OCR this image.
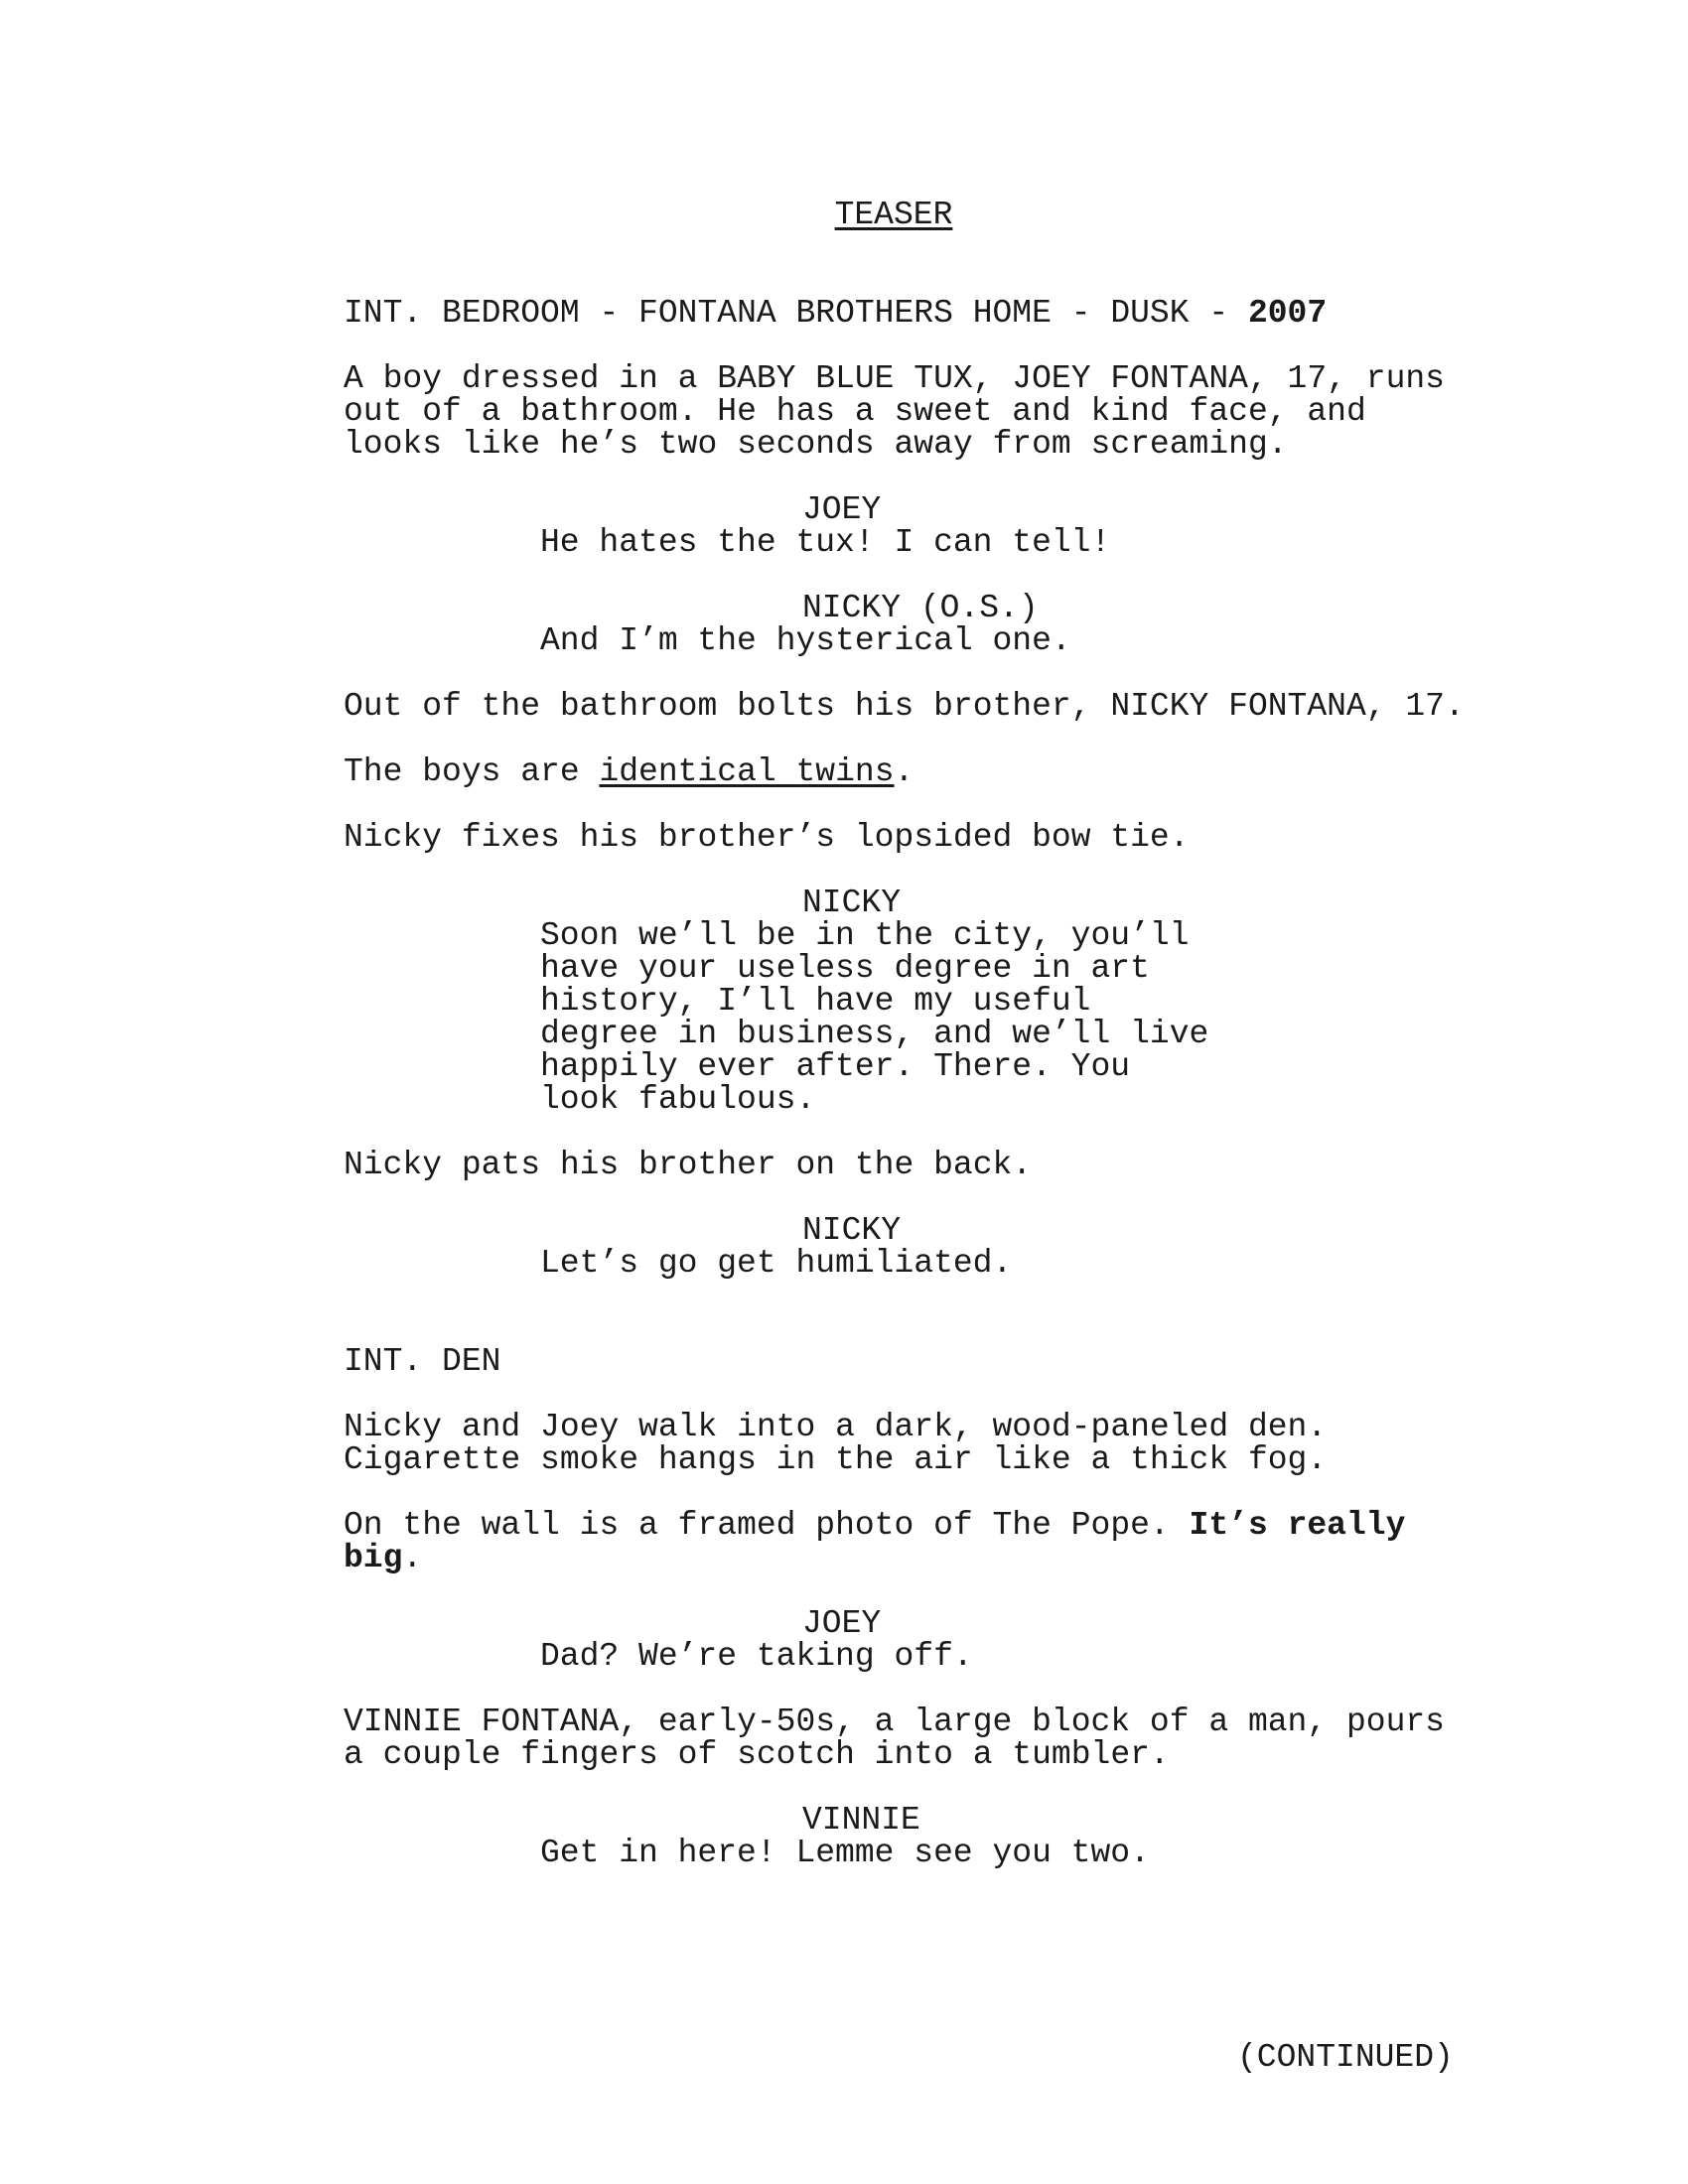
TEASER
INT. BEDROOM - FONTANA BROTHERS HOME - DUSK - 2007
A boy dressed in a BABY BLUE TUX, JOEY FONTANA, 17, runs
out of a bathroom. He has a sweet and kind face, and
looks like he’s two seconds away from screaming.
JOEY
He hates the tux! I can tell!
NICKY (O.S.)
And I’m the hysterical one.
Out of the bathroom bolts his brother, NICKY FONTANA, 17.
The boys are identical twins.
Nicky fixes his brother’s lopsided bow tie.
NICKY
Soon we’ll be in the city, you’ll
have your useless degree in art
history, I’ll have my useful
degree in business, and we’ll live
happily ever after. There. You
look fabulous.
Nicky pats his brother on the back.
NICKY
Let’s go get humiliated.
INT. DEN
Nicky and Joey walk into a dark, wood-paneled den.
Cigarette smoke hangs in the air like a thick fog.
On the wall is a framed photo of The Pope. It’s really
big.
JOEY
Dad? We’re taking off.
VINNIE FONTANA, early-50s, a large block of a man, pours
a couple fingers of scotch into a tumbler.
VINNIE
Get in here! Lemme see you two.
(CONTINUED)
